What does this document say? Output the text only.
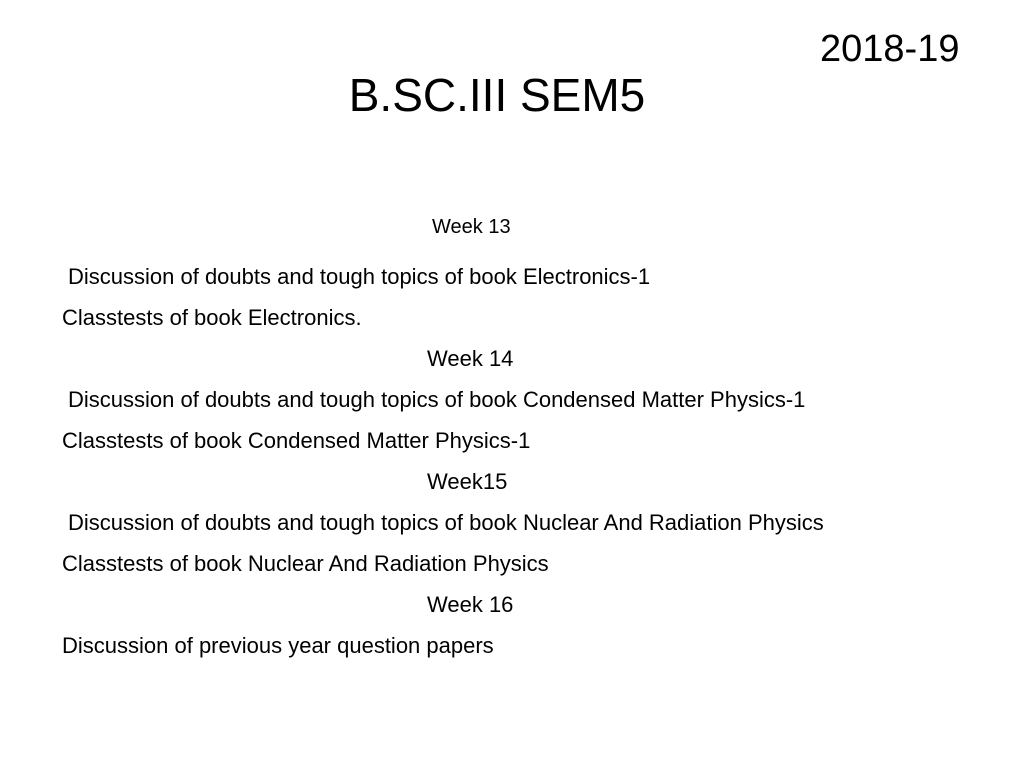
2018-19
B.SC.III SEM5
Week 13
Discussion of doubts and tough topics of book Electronics-1
Classtests of book Electronics.
Week 14
Discussion of doubts and tough topics of book Condensed Matter Physics-1
Classtests of book Condensed Matter Physics-1
Week15
Discussion of doubts and tough topics of book Nuclear And Radiation Physics
Classtests of book Nuclear And Radiation Physics
Week 16
Discussion of previous year question papers
